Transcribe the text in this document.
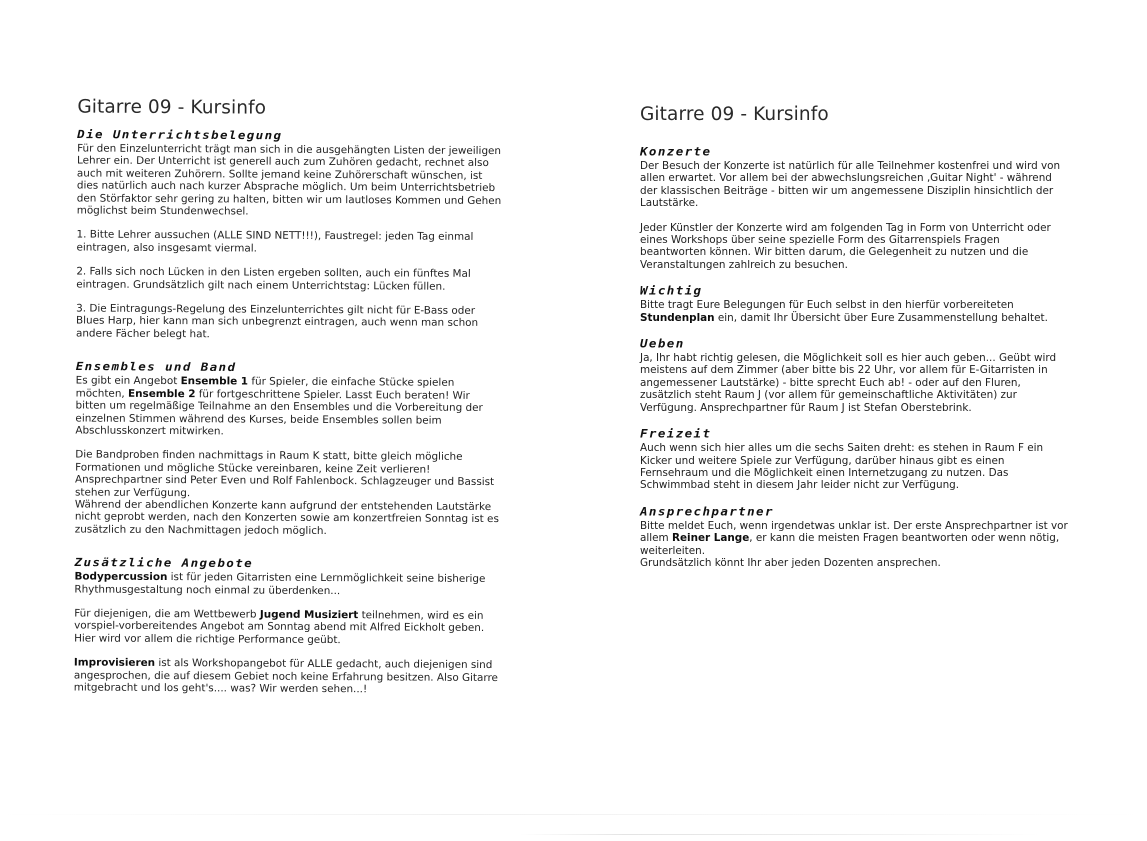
Gitarre 09 - Kursinfo
Die Unterrichtsbelegung

Für den Einzelunterricht trägt man sich in die ausgehängten Listen der jeweiligen Lehrer ein. Der Unterricht ist generell auch zum Zuhören gedacht, rechnet also auch mit weiteren Zuhörern. Sollte jemand keine Zuhörerschaft wünschen, ist dies natürlich auch nach kurzer Absprache möglich. Um beim Unterrichtsbetrieb den Störfaktor sehr gering zu halten, bitten wir um lautloses Kommen und Gehen möglichst beim Stundenwechsel.

1. Bitte Lehrer aussuchen (ALLE SIND NETT!!!), Faustregel: jeden Tag einmal eintragen, also insgesamt viermal.

2. Falls sich noch Lücken in den Listen ergeben sollten, auch ein fünftes Mal eintragen. Grundsätzlich gilt nach einem Unterrichtstag: Lücken füllen.

3. Die Eintragungs-Regelung des Einzelunterrichtes gilt nicht für E-Bass oder Blues Harp, hier kann man sich unbegrenzt eintragen, auch wenn man schon andere Fächer belegt hat.

Ensembles und Band

Es gibt ein Angebot Ensemble 1 für Spieler, die einfache Stücke spielen möchten, Ensemble 2 für fortgeschrittene Spieler. Lasst Euch beraten! Wir bitten um regelmäßige Teilnahme an den Ensembles und die Vorbereitung der einzelnen Stimmen während des Kurses, beide Ensembles sollen beim Abschlusskonzert mitwirken.

Die Bandproben finden nachmittags in Raum K statt, bitte gleich mögliche Formationen und mögliche Stücke vereinbaren, keine Zeit verlieren! Ansprechpartner sind Peter Even und Rolf Fahlenbock. Schlagzeuger und Bassist stehen zur Verfügung.

Während der abendlichen Konzerte kann aufgrund der entstehenden Lautstärke nicht geprobt werden, nach den Konzerten sowie am konzertfreien Sonntag ist es zusätzlich zu den Nachmittagen jedoch möglich.

Zusätzliche Angebote

Bodypercussion ist für jeden Gitarristen eine Lernmöglichkeit seine bisherige Rhythmusgestaltung noch einmal zu überdenken...

Für diejenigen, die am Wettbewerb Jugend Musiziert teilnehmen, wird es ein vorspiel-vorbereitendes Angebot am Sonntag abend mit Alfred Eickholt geben. Hier wird vor allem die richtige Performance geübt.

Improvisieren ist als Workshopangebot für ALLE gedacht, auch diejenigen sind angesprochen, die auf diesem Gebiet noch keine Erfahrung besitzen. Also Gitarre mitgebracht und los geht's.... was? Wir werden sehen...!

Gitarre 09 - Kursinfo
Konzerte

Der Besuch der Konzerte ist natürlich für alle Teilnehmer kostenfrei und wird von allen erwartet. Vor allem bei der abwechslungsreichen ‚Guitar Night' - während der klassischen Beiträge - bitten wir um angemessene Disziplin hinsichtlich der Lautstärke.

Jeder Künstler der Konzerte wird am folgenden Tag in Form von Unterricht oder eines Workshops über seine spezielle Form des Gitarrenspiels Fragen beantworten können. Wir bitten darum, die Gelegenheit zu nutzen und die Veranstaltungen zahlreich zu besuchen.

Wichtig

Bitte tragt Eure Belegungen für Euch selbst in den hierfür vorbereiteten Stundenplan ein, damit Ihr Übersicht über Eure Zusammenstellung behaltet.

Ueben

Ja, Ihr habt richtig gelesen, die Möglichkeit soll es hier auch geben... Geübt wird meistens auf dem Zimmer (aber bitte bis 22 Uhr, vor allem für E-Gitarristen in angemessener Lautstärke) - bitte sprecht Euch ab! - oder auf den Fluren, zusätzlich steht Raum J (vor allem für gemeinschaftliche Aktivitäten) zur Verfügung. Ansprechpartner für Raum J ist Stefan Oberstebrink.

Freizeit

Auch wenn sich hier alles um die sechs Saiten dreht: es stehen in Raum F ein Kicker und weitere Spiele zur Verfügung, darüber hinaus gibt es einen Fernsehraum und die Möglichkeit einen Internetzugang zu nutzen. Das Schwimmbad steht in diesem Jahr leider nicht zur Verfügung.

Ansprechpartner

Bitte meldet Euch, wenn irgendetwas unklar ist. Der erste Ansprechpartner ist vor allem Reiner Lange, er kann die meisten Fragen beantworten oder wenn nötig, weiterleiten.

Grundsätzlich könnt Ihr aber jeden Dozenten ansprechen.
